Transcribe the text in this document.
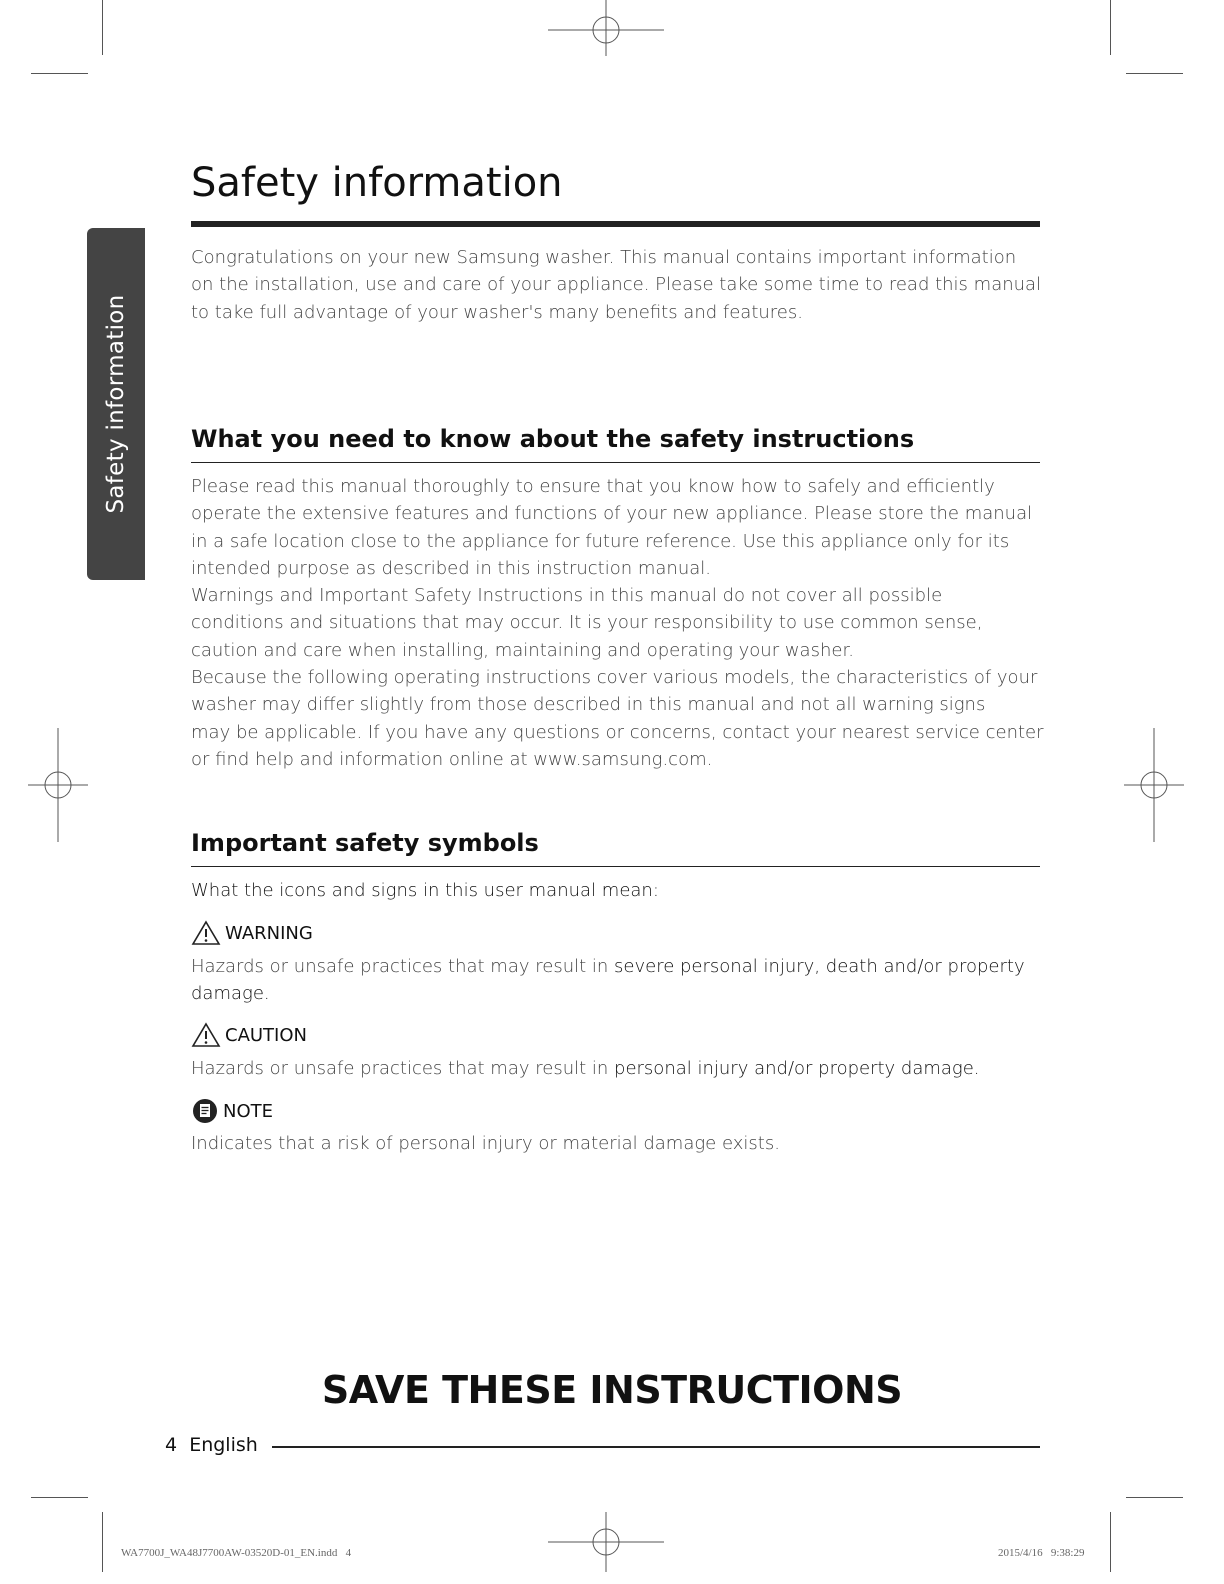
Safety information
Safety information

Congratulations on your new Samsung washer. This manual contains important information

on the installation, use and care of your appliance. Please take some time to read this manual

to take full advantage of your washer's many benefits and features.

What you need to know about the safety instructions

Please read this manual thoroughly to ensure that you know how to safely and efficiently

operate the extensive features and functions of your new appliance. Please store the manual

in a safe location close to the appliance for future reference. Use this appliance only for its

intended purpose as described in this instruction manual.

Warnings and Important Safety Instructions in this manual do not cover all possible

conditions and situations that may occur. It is your responsibility to use common sense,

caution and care when installing, maintaining and operating your washer.

Because the following operating instructions cover various models, the characteristics of your

washer may differ slightly from those described in this manual and not all warning signs

may be applicable. If you have any questions or concerns, contact your nearest service center

or find help and information online at www.samsung.com.

Important safety symbols

What the icons and signs in this user manual mean:

WARNING

Hazards or unsafe practices that may result in severe personal injury, death and/or property

damage.

CAUTION

Hazards or unsafe practices that may result in personal injury and/or property damage.

NOTE

Indicates that a risk of personal injury or material damage exists.

SAVE THESE INSTRUCTIONS
4 English
WA7700J_WA48J7700AW-03520D-01_EN.indd   4	2015/4/16   9:38:29
